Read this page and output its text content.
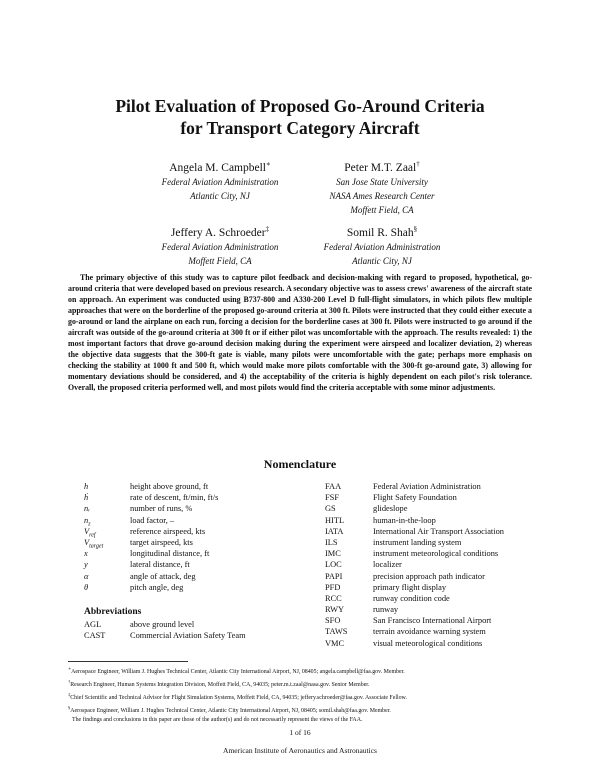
Pilot Evaluation of Proposed Go-Around Criteria
for Transport Category Aircraft
Angela M. Campbell∗
Federal Aviation Administration
Atlantic City, NJ
Peter M.T. Zaal†
San Jose State University
NASA Ames Research Center
Moffett Field, CA
Jeffery A. Schroeder‡
Federal Aviation Administration
Moffett Field, CA
Somil R. Shah§
Federal Aviation Administration
Atlantic City, NJ
The primary objective of this study was to capture pilot feedback and decision-making with regard to proposed, hypothetical, go-around criteria that were developed based on previous research. A secondary objective was to assess crews' awareness of the aircraft state on approach. An experiment was conducted using B737-800 and A330-200 Level D full-flight simulators, in which pilots flew multiple approaches that were on the borderline of the proposed go-around criteria at 300 ft. Pilots were instructed that they could either execute a go-around or land the airplane on each run, forcing a decision for the borderline cases at 300 ft. Pilots were instructed to go around if the aircraft was outside of the go-around criteria at 300 ft or if either pilot was uncomfortable with the approach. The results revealed: 1) the most important factors that drove go-around decision making during the experiment were airspeed and localizer deviation, 2) whereas the objective data suggests that the 300-ft gate is viable, many pilots were uncomfortable with the gate; perhaps more emphasis on checking the stability at 1000 ft and 500 ft, which would make more pilots comfortable with the 300-ft go-around gate, 3) allowing for momentary deviations should be considered, and 4) the acceptability of the criteria is highly dependent on each pilot's risk tolerance. Overall, the proposed criteria performed well, and most pilots would find the criteria acceptable with some minor adjustments.
Nomenclature
h	height above ground, ft
ḣ	rate of descent, ft/min, ft/s
nᵣ	number of runs, %
$n_z$	load factor, –
$V_{ref}$	reference airspeed, kts
$V_{target}$	target airspeed, kts
x	longitudinal distance, ft
y	lateral distance, ft
α	angle of attack, deg
θ	pitch angle, deg
Abbreviations
AGL	above ground level
CAST	Commercial Aviation Safety Team
FAA	Federal Aviation Administration
FSF	Flight Safety Foundation
GS	glideslope
HITL	human-in-the-loop
IATA	International Air Transport Association
ILS	instrument landing system
IMC	instrument meteorological conditions
LOC	localizer
PAPI	precision approach path indicator
PFD	primary flight display
RCC	runway condition code
RWY	runway
SFO	San Francisco International Airport
TAWS	terrain avoidance warning system
VMC	visual meteorological conditions
∗Aerospace Engineer, William J. Hughes Technical Center, Atlantic City International Airport, NJ, 08405; angela.campbell@faa.gov. Member.
†Research Engineer, Human Systems Integration Division, Moffett Field, CA, 94035; peter.m.t.zaal@nasa.gov. Senior Member.
‡Chief Scientific and Technical Advisor for Flight Simulation Systems, Moffett Field, CA, 94035; jeffery.schroeder@faa.gov. Associate Fellow.
§Aerospace Engineer, William J. Hughes Technical Center, Atlantic City International Airport, NJ, 08405; somil.shah@faa.gov. Member.
The findings and conclusions in this paper are those of the author(s) and do not necessarily represent the views of the FAA.
1 of 16
American Institute of Aeronautics and Astronautics
